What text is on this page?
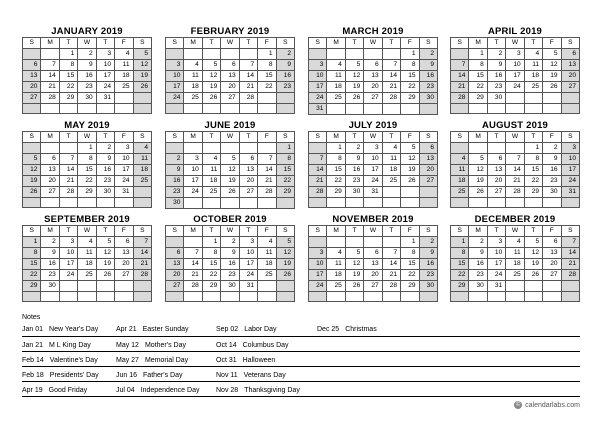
JANUARY 2019
S	M	T	W	T	F	S
		1	2	3	4	5
6	7	8	9	10	11	12
13	14	15	16	17	18	19
20	21	22	23	24	25	26
27	28	29	30	31		

FEBRUARY 2019
S	M	T	W	T	F	S
					1	2
3	4	5	6	7	8	9
10	11	12	13	14	15	16
17	18	19	20	21	22	23
24	25	26	27	28		

MARCH 2019
S	M	T	W	T	F	S
					1	2
3	4	5	6	7	8	9
10	11	12	13	14	15	16
17	18	19	20	21	22	23
24	25	26	27	28	29	30
31						
APRIL 2019
S	M	T	W	T	F	S
	1	2	3	4	5	6
7	8	9	10	11	12	13
14	15	16	17	18	19	20
21	22	23	24	25	26	27
28	29	30				

MAY 2019
S	M	T	W	T	F	S
			1	2	3	4
5	6	7	8	9	10	11
12	13	14	15	16	17	18
19	20	21	22	23	24	25
26	27	28	29	30	31	

JUNE 2019
S	M	T	W	T	F	S
						1
2	3	4	5	6	7	8
9	10	11	12	13	14	15
16	17	18	19	20	21	22
23	24	25	26	27	28	29
30						
JULY 2019
S	M	T	W	T	F	S
	1	2	3	4	5	6
7	8	9	10	11	12	13
14	15	16	17	18	19	20
21	22	23	24	25	26	27
28	29	30	31			

AUGUST 2019
S	M	T	W	T	F	S
				1	2	3
4	5	6	7	8	9	10
11	12	13	14	15	16	17
18	19	20	21	22	23	24
25	26	27	28	29	30	31

SEPTEMBER 2019
S	M	T	W	T	F	S
1	2	3	4	5	6	7
8	9	10	11	12	13	14
15	16	17	18	19	20	21
22	23	24	25	26	27	28
29	30					

OCTOBER 2019
S	M	T	W	T	F	S
		1	2	3	4	5
6	7	8	9	10	11	12
13	14	15	16	17	18	19
20	21	22	23	24	25	26
27	28	29	30	31		

NOVEMBER 2019
S	M	T	W	T	F	S
					1	2
3	4	5	6	7	8	9
10	11	12	13	14	15	16
17	18	19	20	21	22	23
24	25	26	27	28	29	30

DECEMBER 2019
S	M	T	W	T	F	S
1	2	3	4	5	6	7
8	9	10	11	12	13	14
15	16	17	18	19	20	21
22	23	24	25	26	27	28
29	30	31				

Notes
Jan 01 New Year's Day	Apr 21 Easter Sunday	Sep 02 Labor Day	Dec 25 Christmas
Jan 21 M L King Day	May 12 Mother's Day	Oct 14 Columbus Day
Feb 14 Valentine's Day	May 27 Memorial Day	Oct 31 Halloween
Feb 18 Presidents' Day Jun 16 Father's Day	Nov 11 Veterans Day
Apr 19 Good Friday	Jul 04 Independence Day Nov 28 Thanksgiving Day
© calendarlabs.com
